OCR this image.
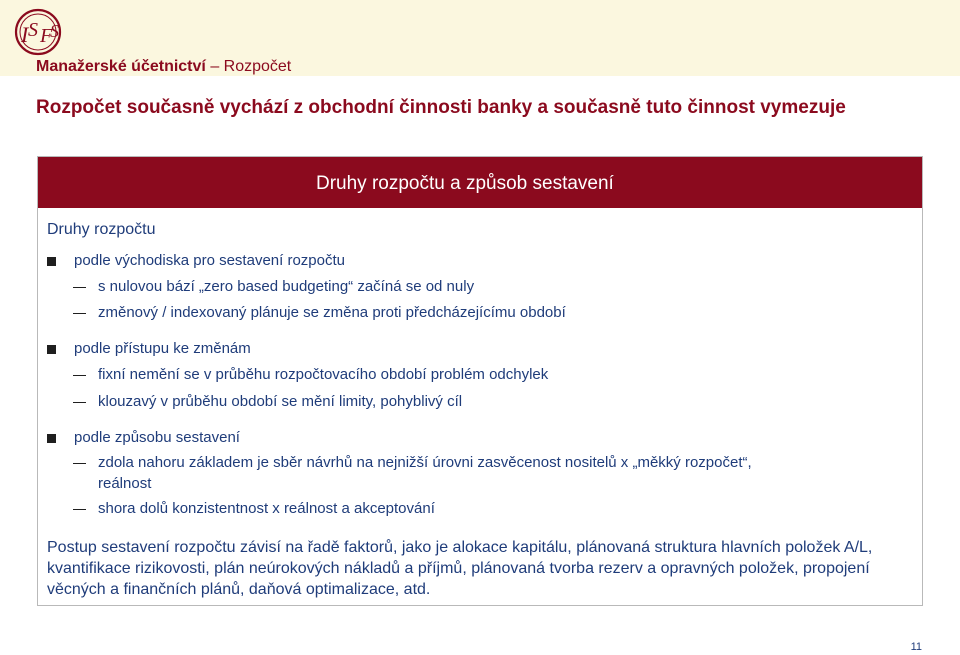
I S F
S
Manažerské účetnictví – Rozpočet
Rozpočet současně vychází z obchodní činnosti banky a současně tuto činnost vymezuje
Druhy rozpočtu a způsob sestavení
Druhy rozpočtu
podle východiska pro sestavení rozpočtu
s nulovou bází „zero based budgeting“ začíná se od nuly
změnový / indexovaný plánuje se změna proti předcházejícímu období
podle přístupu ke změnám
fixní nemění se v průběhu rozpočtovacího období problém odchylek
klouzavý v průběhu období se mění limity, pohyblivý cíl
podle způsobu sestavení
zdola nahoru základem je sběr návrhů na nejnižší úrovni zasvěcenost nositelů x „měkký rozpočet“,
reálnost
shora dolů konzistentnost x reálnost a akceptování
Postup sestavení rozpočtu závisí na řadě faktorů, jako je alokace kapitálu, plánovaná struktura hlavních položek A/L, kvantifikace rizikovosti, plán neúrokových nákladů a příjmů, plánovaná tvorba rezerv a opravných položek, propojení věcných a finančních plánů, daňová optimalizace, atd.
11
